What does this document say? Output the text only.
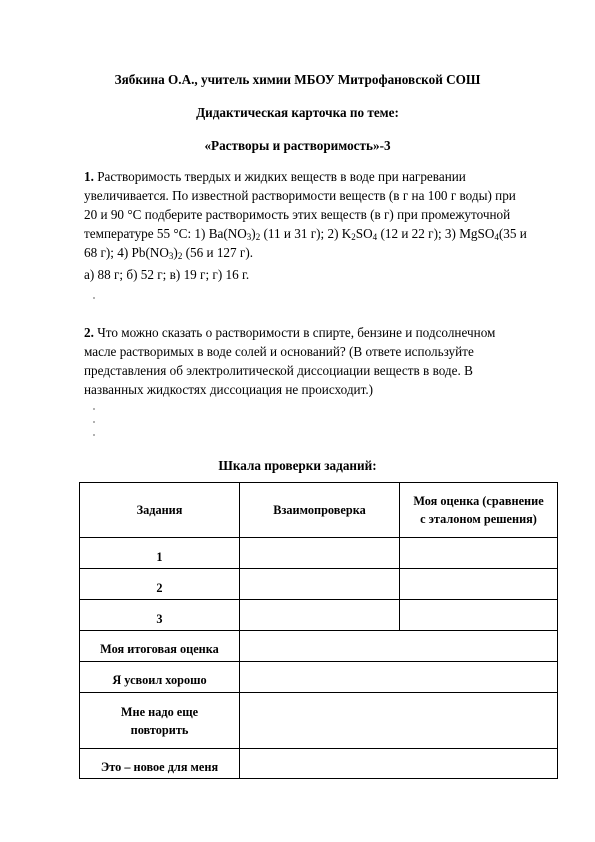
Зябкина О.А., учитель химии МБОУ Митрофановской СОШ
Дидактическая карточка по теме:
«Растворы и растворимость»-3
1. Растворимость твердых и жидких веществ в воде при нагревании
увеличивается. По известной растворимости веществ (в г на 100 г воды) при
20 и 90 °С подберите растворимость этих веществ (в г) при промежуточной
температуре 55 °С: 1) $Ba(NO_3)_2$ (11 и 31 г); 2) $K_2SO_4$ (12 и 22 г); 3) MgSO$_4$(35 и
68 г); 4) $Pb(NO_3)_2$ (56 и 127 г).
а) 88 г; б) 52 г; в) 19 г; г) 16 г.
2. Что можно сказать о растворимости в спирте, бензине и подсолнечном
масле растворимых в воде солей и оснований? (В ответе используйте
представления об электролитической диссоциации веществ в воде. В
названных жидкостях диссоциация не происходит.)
Шкала проверки заданий:
Задания	Взаимопроверка	Моя оценка (сравнение
с эталоном решения)
1		
2		
3		
Моя итоговая оценка		
Я усвоил хорошо		
Мне надо еще
повторить		
Это – новое для меня		
